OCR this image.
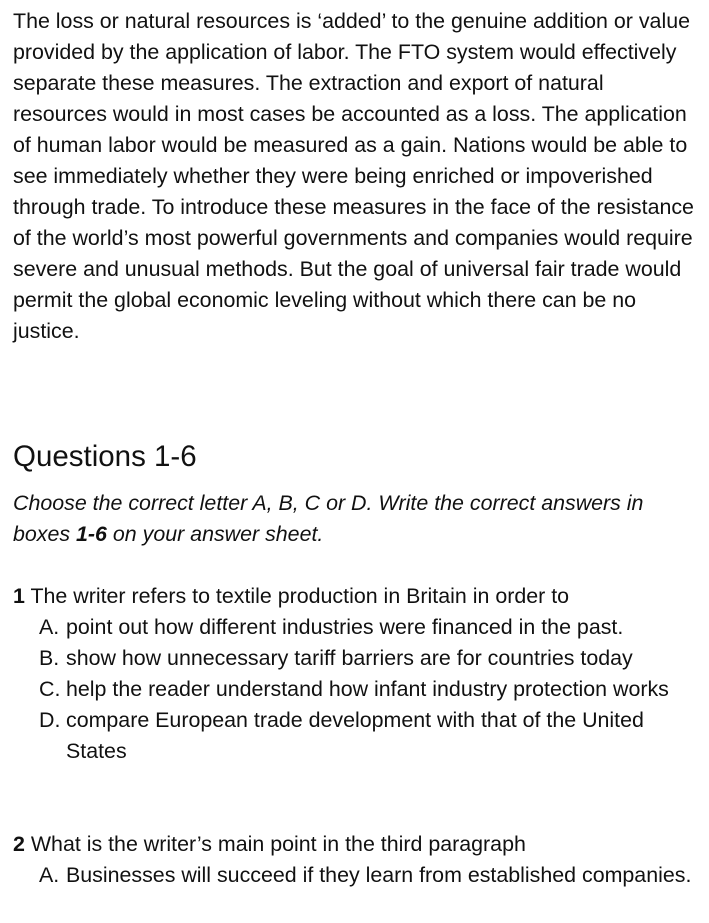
The loss or natural resources is ‘added’ to the genuine addition or value provided by the application of labor. The FTO system would effectively separate these measures. The extraction and export of natural resources would in most cases be accounted as a loss. The application of human labor would be measured as a gain. Nations would be able to see immediately whether they were being enriched or impoverished through trade. To introduce these measures in the face of the resistance of the world’s most powerful governments and companies would require severe and unusual methods. But the goal of universal fair trade would permit the global economic leveling without which there can be no justice.

Questions 1-6

Choose the correct letter A, B, C or D. Write the correct answers in boxes 1-6 on your answer sheet.

1 The writer refers to textile production in Britain in order to

A. point out how different industries were financed in the past.
B. show how unnecessary tariff barriers are for countries today
C. help the reader understand how infant industry protection works
D. compare European trade development with that of the United States

2 What is the writer’s main point in the third paragraph

A. Businesses will succeed if they learn from established companies.
